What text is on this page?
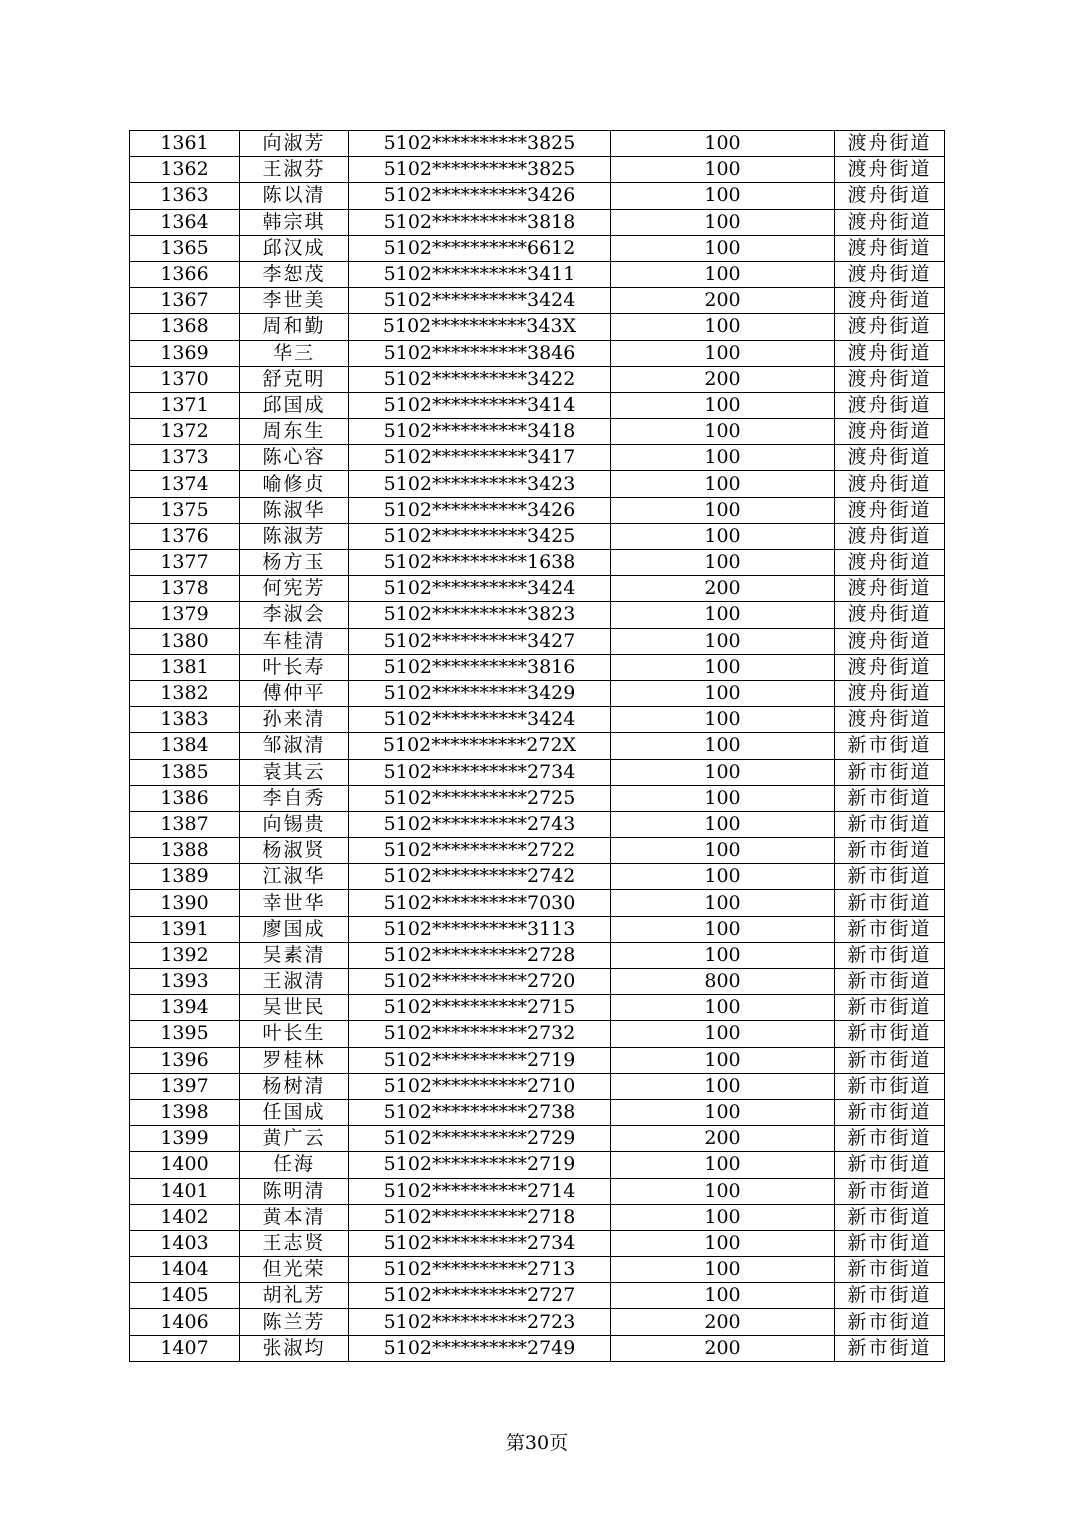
1361	向淑芳	5102**********3825	100	渡舟街道
1362	王淑芬	5102**********3825	100	渡舟街道
1363	陈以清	5102**********3426	100	渡舟街道
1364	韩宗琪	5102**********3818	100	渡舟街道
1365	邱汉成	5102**********6612	100	渡舟街道
1366	李恕茂	5102**********3411	100	渡舟街道
1367	李世美	5102**********3424	200	渡舟街道
1368	周和勤	5102**********343X	100	渡舟街道
1369	华三	5102**********3846	100	渡舟街道
1370	舒克明	5102**********3422	200	渡舟街道
1371	邱国成	5102**********3414	100	渡舟街道
1372	周东生	5102**********3418	100	渡舟街道
1373	陈心容	5102**********3417	100	渡舟街道
1374	喻修贞	5102**********3423	100	渡舟街道
1375	陈淑华	5102**********3426	100	渡舟街道
1376	陈淑芳	5102**********3425	100	渡舟街道
1377	杨方玉	5102**********1638	100	渡舟街道
1378	何宪芳	5102**********3424	200	渡舟街道
1379	李淑会	5102**********3823	100	渡舟街道
1380	车桂清	5102**********3427	100	渡舟街道
1381	叶长寿	5102**********3816	100	渡舟街道
1382	傅仲平	5102**********3429	100	渡舟街道
1383	孙来清	5102**********3424	100	渡舟街道
1384	邹淑清	5102**********272X	100	新市街道
1385	袁其云	5102**********2734	100	新市街道
1386	李自秀	5102**********2725	100	新市街道
1387	向锡贵	5102**********2743	100	新市街道
1388	杨淑贤	5102**********2722	100	新市街道
1389	江淑华	5102**********2742	100	新市街道
1390	幸世华	5102**********7030	100	新市街道
1391	廖国成	5102**********3113	100	新市街道
1392	吴素清	5102**********2728	100	新市街道
1393	王淑清	5102**********2720	800	新市街道
1394	吴世民	5102**********2715	100	新市街道
1395	叶长生	5102**********2732	100	新市街道
1396	罗桂林	5102**********2719	100	新市街道
1397	杨树清	5102**********2710	100	新市街道
1398	任国成	5102**********2738	100	新市街道
1399	黄广云	5102**********2729	200	新市街道
1400	任海	5102**********2719	100	新市街道
1401	陈明清	5102**********2714	100	新市街道
1402	黄本清	5102**********2718	100	新市街道
1403	王志贤	5102**********2734	100	新市街道
1404	但光荣	5102**********2713	100	新市街道
1405	胡礼芳	5102**********2727	100	新市街道
1406	陈兰芳	5102**********2723	200	新市街道
1407	张淑均	5102**********2749	200	新市街道
第30页
